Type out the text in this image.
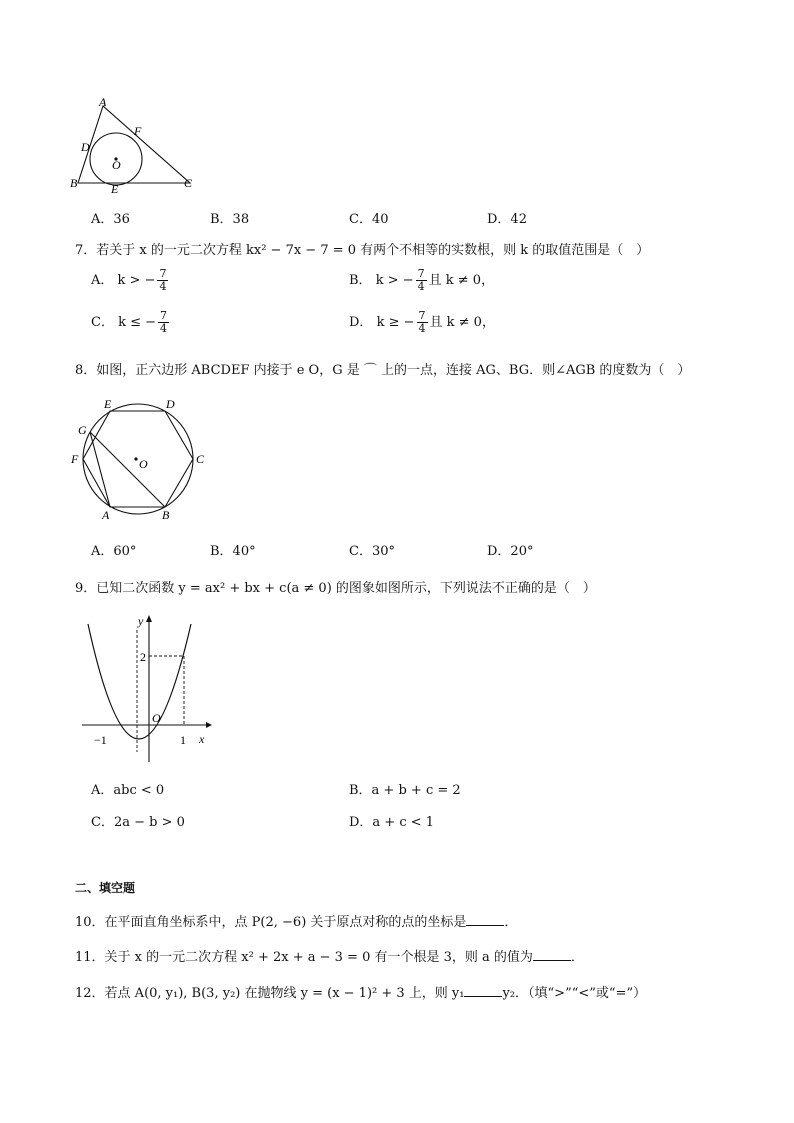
A
D
F
O
B	E	C
A．36	B．38	C．40	D．42
7．若关于 x 的一元二次方程 kx² − 7x − 7 = 0 有两个不相等的实数根，则 k 的取值范围是（　）
A． k > − $\frac{7}{4}$	B． k > − $\frac{7}{4}$ 且 k ≠ 0，
C． k ≤ − $\frac{7}{4}$	D． k ≥ − $\frac{7}{4}$ 且 k ≠ 0，
8．如图，正六边形 ABCDEF 内接于 e O，G 是 ⌒ 上的一点，连接 AG、BG．则∠AGB 的度数为（　）
E	D
G
F	O	C
A	B
A．60°	B．40°	C．30°	D．20°
9．已知二次函数 y = ax² + bx + c(a ≠ 0) 的图象如图所示，下列说法不正确的是（　）
y
2
O
−1	1 x
A．abc < 0	B．a + b + c = 2
C．2a − b > 0	D．a + c < 1
二、填空题
10．在平面直角坐标系中，点 P(2, −6) 关于原点对称的点的坐标是	．
11．关于 x 的一元二次方程 x² + 2x + a − 3 = 0 有一个根是 3，则 a 的值为	．
12．若点 A(0, y₁), B(3, y₂) 在抛物线 y = (x − 1)² + 3 上，则 y₁	y₂．（填“>”“<”或“=”）
